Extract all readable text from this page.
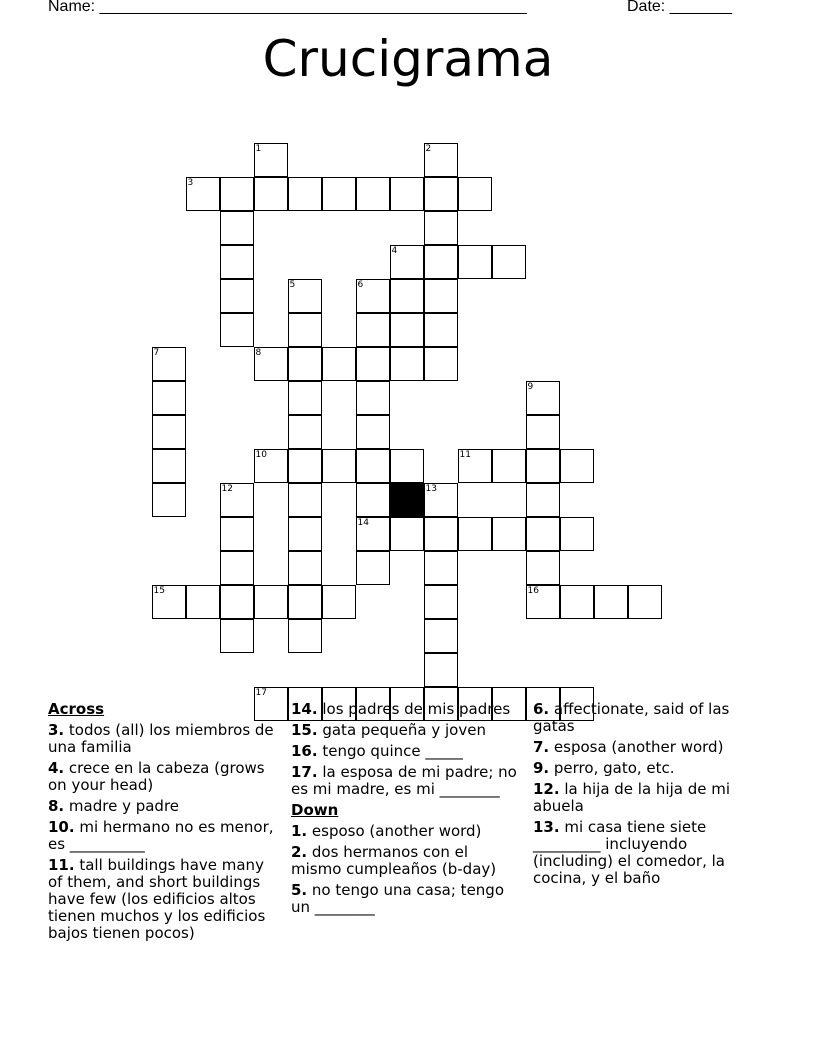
Name: ________________________________________________	Date: _______
Crucigrama
1	2
3
4
5	6
7	8
9
10	11
12	13
14
15	16
17
Across
3. todos (all) los miembros de una familia
4. crece en la cabeza (grows on your head)
8. madre y padre
10. mi hermano no es menor, es __________
11. tall buildings have many of them, and short buildings have few (los edificios altos tienen muchos y los edificios bajos tienen pocos)
14. los padres de mis padres
15. gata pequeña y joven
16. tengo quince _____
17. la esposa de mi padre; no es mi madre, es mi ________
Down
1. esposo (another word)
2. dos hermanos con el mismo cumpleaños (b-day)
5. no tengo una casa; tengo un ________
6. affectionate, said of las gatas
7. esposa (another word)
9. perro, gato, etc.
12. la hija de la hija de mi abuela
13. mi casa tiene siete _________ incluyendo (including) el comedor, la cocina, y el baño
